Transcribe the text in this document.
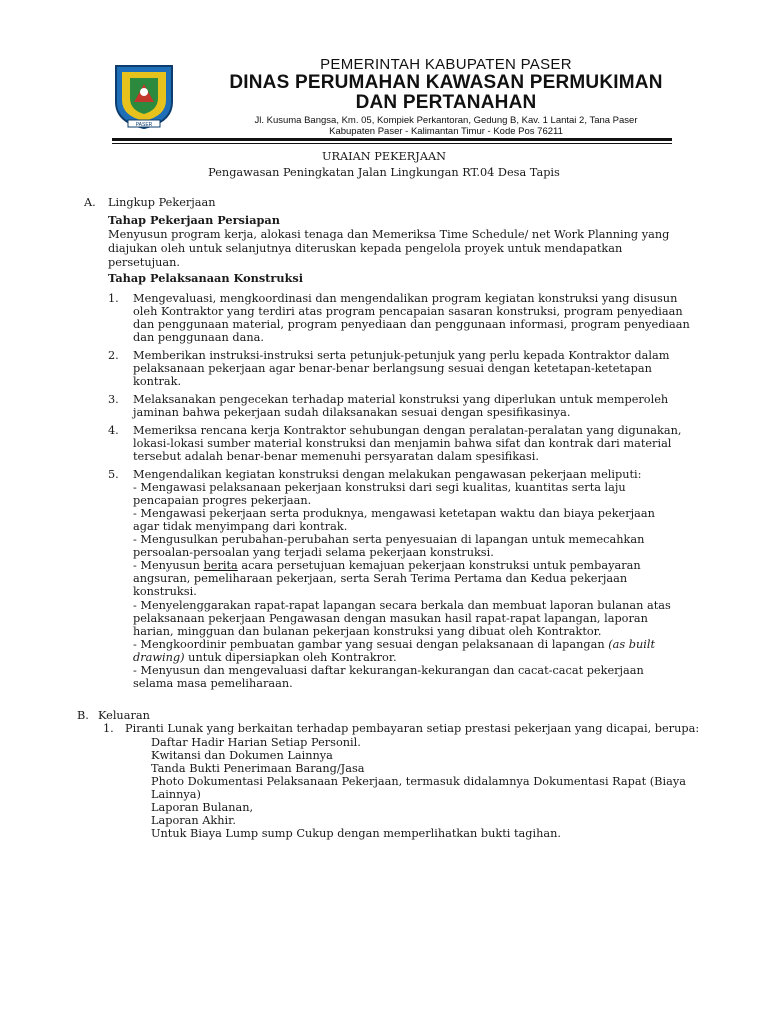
PASER
PEMERINTAH KABUPATEN PASER
DINAS PERUMAHAN KAWASAN PERMUKIMAN
DAN PERTANAHAN
Jl. Kusuma Bangsa, Km. 05, Kompiek Perkantoran, Gedung B, Kav. 1 Lantai 2, Tana Paser
Kabupaten Paser - Kalimantan Timur - Kode Pos 76211
URAIAN PEKERJAAN
Pengawasan Peningkatan Jalan Lingkungan RT.04 Desa Tapis
A. Lingkup Pekerjaan
Tahap Pekerjaan Persiapan
Menyusun program kerja, alokasi tenaga dan Memeriksa Time Schedule/ net Work Planning yang
diajukan oleh untuk selanjutnya diteruskan kepada pengelola proyek untuk mendapatkan
persetujuan.
Tahap Pelaksanaan Konstruksi
1. Mengevaluasi, mengkoordinasi dan mengendalikan program kegiatan konstruksi yang disusun
oleh Kontraktor yang terdiri atas program pencapaian sasaran konstruksi, program penyediaan
dan penggunaan material, program penyediaan dan penggunaan informasi, program penyediaan
dan penggunaan dana.
2. Memberikan instruksi-instruksi serta petunjuk-petunjuk yang perlu kepada Kontraktor dalam
pelaksanaan pekerjaan agar benar-benar berlangsung sesuai dengan ketetapan-ketetapan
kontrak.
3. Melaksanakan pengecekan terhadap material konstruksi yang diperlukan untuk memperoleh
jaminan bahwa pekerjaan sudah dilaksanakan sesuai dengan spesifikasinya.
4. Memeriksa rencana kerja Kontraktor sehubungan dengan peralatan-peralatan yang digunakan,
lokasi-lokasi sumber material konstruksi dan menjamin bahwa sifat dan kontrak dari material
tersebut adalah benar-benar memenuhi persyaratan dalam spesifikasi.
5. Mengendalikan kegiatan konstruksi dengan melakukan pengawasan pekerjaan meliputi:
- Mengawasi pelaksanaan pekerjaan konstruksi dari segi kualitas, kuantitas serta laju
pencapaian progres pekerjaan.
- Mengawasi pekerjaan serta produknya, mengawasi ketetapan waktu dan biaya pekerjaan
agar tidak menyimpang dari kontrak.
- Mengusulkan perubahan-perubahan serta penyesuaian di lapangan untuk memecahkan
persoalan-persoalan yang terjadi selama pekerjaan konstruksi.
- Menyusun berita acara persetujuan kemajuan pekerjaan konstruksi untuk pembayaran
angsuran, pemeliharaan pekerjaan, serta Serah Terima Pertama dan Kedua pekerjaan
konstruksi.
- Menyelenggarakan rapat-rapat lapangan secara berkala dan membuat laporan bulanan atas
pelaksanaan pekerjaan Pengawasan dengan masukan hasil rapat-rapat lapangan, laporan
harian, mingguan dan bulanan pekerjaan konstruksi yang dibuat oleh Kontraktor.
- Mengkoordinir pembuatan gambar yang sesuai dengan pelaksanaan di lapangan (as built
drawing) untuk dipersiapkan oleh Kontrakror.
- Menyusun dan mengevaluasi daftar kekurangan-kekurangan dan cacat-cacat pekerjaan
selama masa pemeliharaan.
B. Keluaran
1. Piranti Lunak yang berkaitan terhadap pembayaran setiap prestasi pekerjaan yang dicapai, berupa:
Daftar Hadir Harian Setiap Personil.
Kwitansi dan Dokumen Lainnya
Tanda Bukti Penerimaan Barang/Jasa
Photo Dokumentasi Pelaksanaan Pekerjaan, termasuk didalamnya Dokumentasi Rapat (Biaya
Lainnya)
Laporan Bulanan,
Laporan Akhir.
Untuk Biaya Lump sump Cukup dengan memperlihatkan bukti tagihan.
